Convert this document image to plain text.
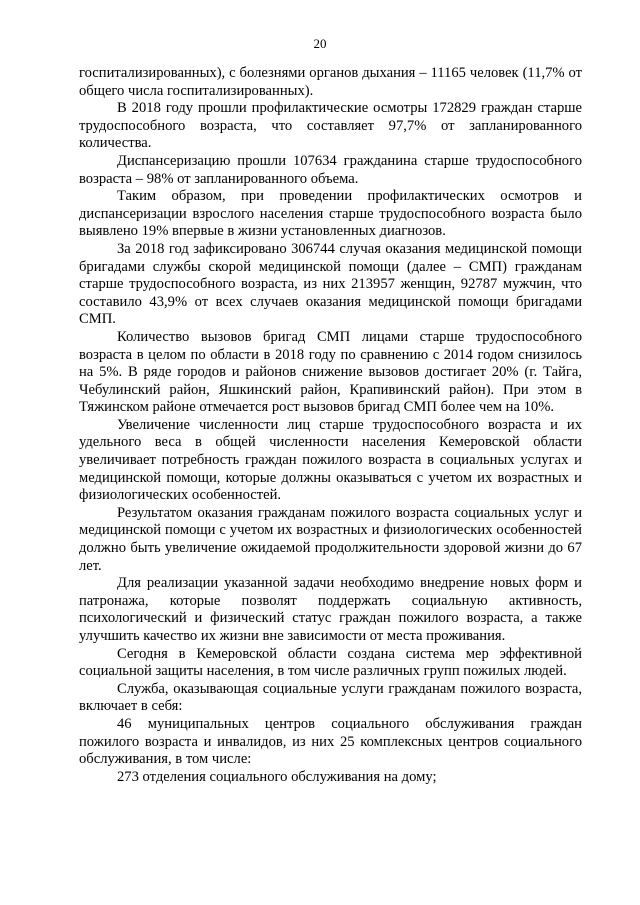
20

госпитализированных), с болезнями органов дыхания – 11165 человек (11,7% от общего числа госпитализированных).

В 2018 году прошли профилактические осмотры 172829 граждан старше трудоспособного возраста, что составляет 97,7% от запланированного количества.

Диспансеризацию прошли 107634 гражданина старше трудоспособного возраста – 98% от запланированного объема.

Таким образом, при проведении профилактических осмотров и диспансеризации взрослого населения старше трудоспособного возраста было выявлено 19% впервые в жизни установленных диагнозов.

За 2018 год зафиксировано 306744 случая оказания медицинской помощи бригадами службы скорой медицинской помощи (далее – СМП) гражданам старше трудоспособного возраста, из них 213957 женщин, 92787 мужчин, что составило 43,9% от всех случаев оказания медицинской помощи бригадами СМП.

Количество вызовов бригад СМП лицами старше трудоспособного возраста в целом по области в 2018 году по сравнению с 2014 годом снизилось на 5%. В ряде городов и районов снижение вызовов достигает 20% (г. Тайга, Чебулинский район, Яшкинский район, Крапивинский район). При этом в Тяжинском районе отмечается рост вызовов бригад СМП более чем на 10%.

Увеличение численности лиц старше трудоспособного возраста и их удельного веса в общей численности населения Кемеровской области увеличивает потребность граждан пожилого возраста в социальных услугах и медицинской помощи, которые должны оказываться с учетом их возрастных и физиологических особенностей.

Результатом оказания гражданам пожилого возраста социальных услуг и медицинской помощи с учетом их возрастных и физиологических особенностей должно быть увеличение ожидаемой продолжительности здоровой жизни до 67 лет.

Для реализации указанной задачи необходимо внедрение новых форм и патронажа, которые позволят поддержать социальную активность, психологический и физический статус граждан пожилого возраста, а также улучшить качество их жизни вне зависимости от места проживания.

Сегодня в Кемеровской области создана система мер эффективной социальной защиты населения, в том числе различных групп пожилых людей.

Служба, оказывающая социальные услуги гражданам пожилого возраста, включает в себя:

46 муниципальных центров социального обслуживания граждан пожилого возраста и инвалидов, из них 25 комплексных центров социального обслуживания, в том числе:

273 отделения социального обслуживания на дому;
